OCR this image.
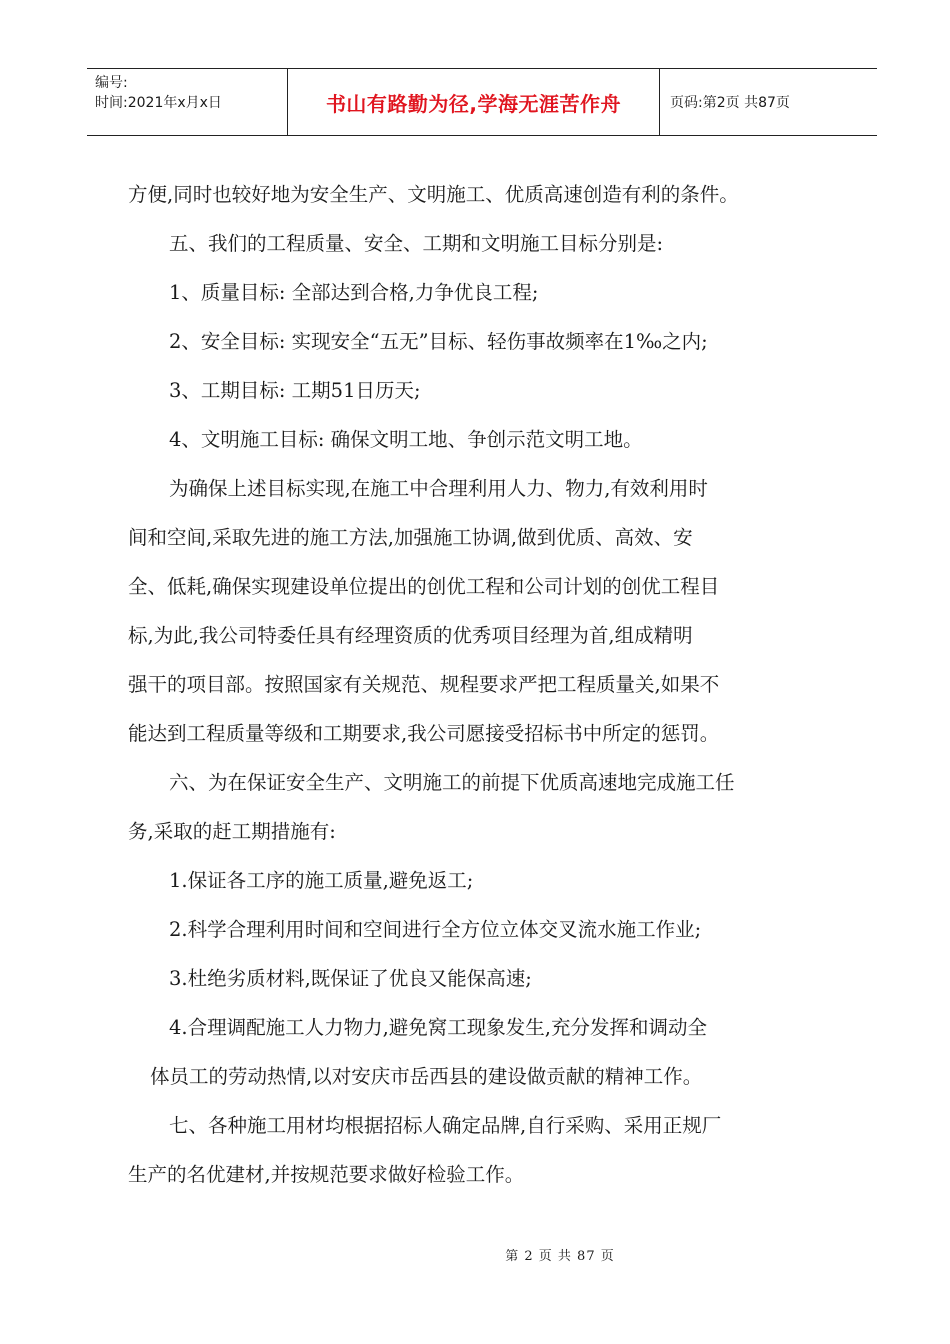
编号:
时间:2021年x月x日	书山有路勤为径,学海无涯苦作舟	页码:第2页 共87页
方便,同时也较好地为安全生产、文明施工、优质高速创造有利的条件。
五、我们的工程质量、安全、工期和文明施工目标分别是:
1、质量目标: 全部达到合格,力争优良工程;
2、安全目标: 实现安全“五无”目标、轻伤事故频率在1‰之内;
3、工期目标: 工期51日历天;
4、文明施工目标: 确保文明工地、争创示范文明工地。
为确保上述目标实现,在施工中合理利用人力、物力,有效利用时
间和空间,采取先进的施工方法,加强施工协调,做到优质、高效、安
全、低耗,确保实现建设单位提出的创优工程和公司计划的创优工程目
标,为此,我公司特委任具有经理资质的优秀项目经理为首,组成精明
强干的项目部。按照国家有关规范、规程要求严把工程质量关,如果不
能达到工程质量等级和工期要求,我公司愿接受招标书中所定的惩罚。
六、为在保证安全生产、文明施工的前提下优质高速地完成施工任
务,采取的赶工期措施有:
1.保证各工序的施工质量,避免返工;
2.科学合理利用时间和空间进行全方位立体交叉流水施工作业;
3.杜绝劣质材料,既保证了优良又能保高速;
4.合理调配施工人力物力,避免窝工现象发生,充分发挥和调动全
体员工的劳动热情,以对安庆市岳西县的建设做贡献的精神工作。
七、各种施工用材均根据招标人确定品牌,自行采购、采用正规厂
生产的名优建材,并按规范要求做好检验工作。
第 2 页 共 87 页
